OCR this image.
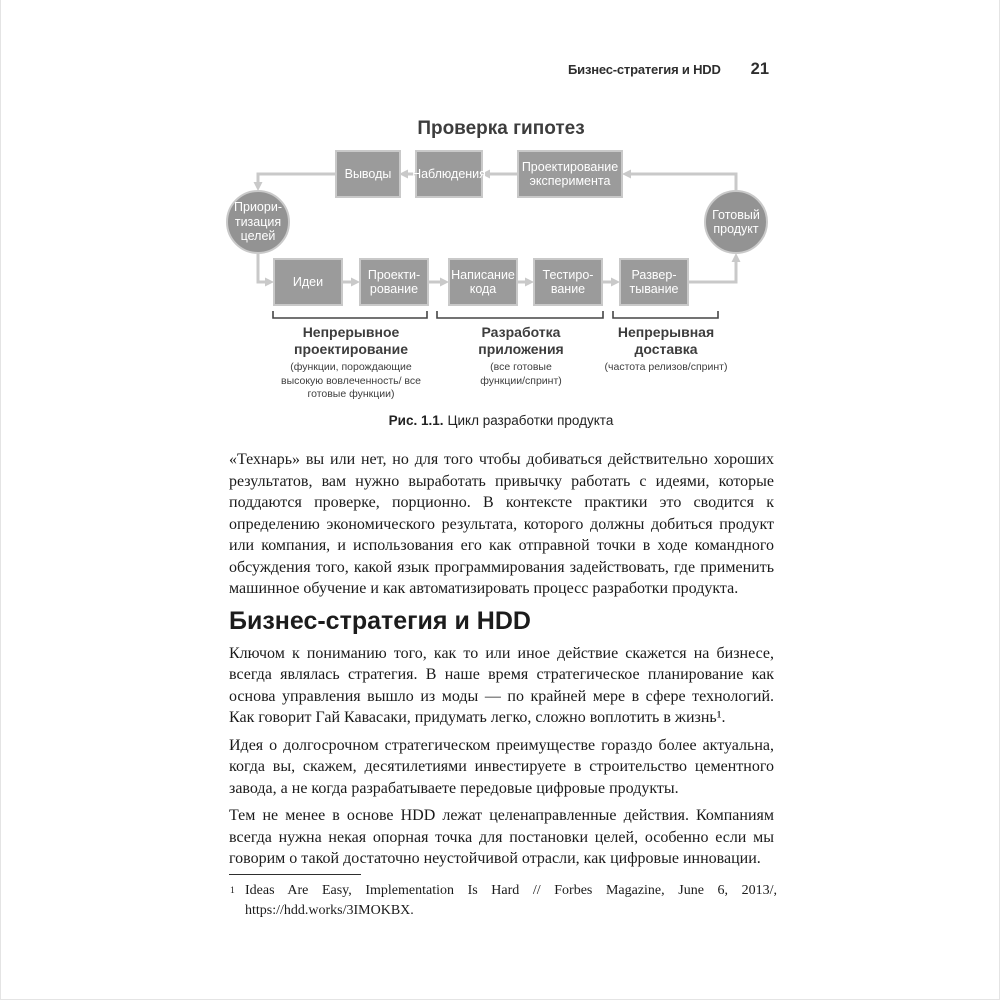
Бизнес-стратегия и HDD 21
Проверка гипотез
Выводы	Наблюдения
Проектирование эксперимента
Приори-тизация целей
Готовый продукт
Идеи
Проекти-рование
Написание кода
Тестиро-вание
Развер-тывание
Непрерывное проектирование
(функции, порождающие высокую вовлеченность/ все готовые функции)
Разработка приложения
(все готовые функции/спринт)
Непрерывная доставка
(частота релизов/спринт)
Рис. 1.1. Цикл разработки продукта

«Технарь» вы или нет, но для того чтобы добиваться действительно хороших результатов, вам нужно выработать привычку работать с идеями, которые поддаются проверке, порционно. В контексте практики это сводится к определению экономического результата, которого должны добиться продукт или компания, и использования его как отправной точки в ходе командного обсуждения того, какой язык программирования задействовать, где применить машинное обучение и как автоматизировать процесс разработки продукта.

Бизнес-стратегия и HDD

Ключом к пониманию того, как то или иное действие скажется на бизнесе, всегда являлась стратегия. В наше время стратегическое планирование как основа управления вышло из моды — по крайней мере в сфере технологий. Как говорит Гай Кавасаки, придумать легко, сложно воплотить в жизнь¹.

Идея о долгосрочном стратегическом преимуществе гораздо более актуальна, когда вы, скажем, десятилетиями инвестируете в строительство цементного завода, а не когда разрабатываете передовые цифровые продукты.

Тем не менее в основе HDD лежат целенаправленные действия. Компаниям всегда нужна некая опорная точка для постановки целей, особенно если мы говорим о такой достаточно неустойчивой отрасли, как цифровые инновации.

1 Ideas Are Easy, Implementation Is Hard // Forbes Magazine, June 6, 2013/, https://hdd.works/3IMOKBX.
